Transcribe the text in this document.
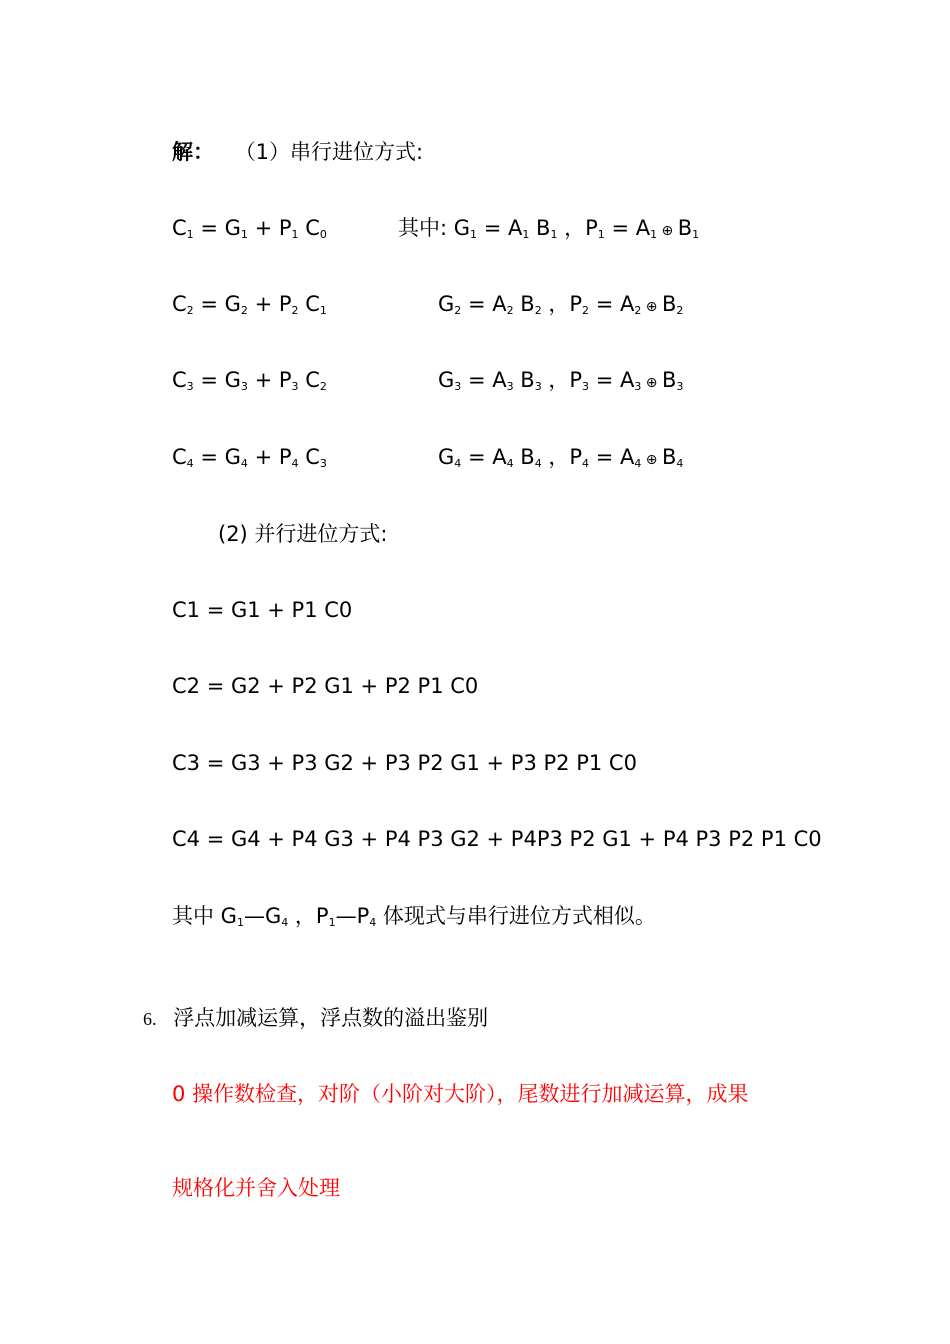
解： （1）串行进位方式:
$C_1 = G_1 + P_1$ $C_0$	其中: $G_1 = A_1$ $B_1$ ，$P_1 = A_1$ ⊕ $B_1$
$C_2 = G_2 + P_2$ $C_1$	$G_2 = A_2$ $B_2$ ，$P_2 = A_2$ ⊕ $B_2$
$C_3 = G_3 + P_3$ $C_2$	$G_3 = A_3$ $B_3$ ，$P_3 = A_3$ ⊕ $B_3$
$C_4 = G_4 + P_4$ $C_3$	$G_4 = A_4$ $B_4$ ，$P_4 = A_4$ ⊕ $B_4$
(2) 并行进位方式:
C1 = G1 + P1 C0
C2 = G2 + P2 G1 + P2 P1 C0
C3 = G3 + P3 G2 + P3 P2 G1 + P3 P2 P1 C0
C4 = G4 + P4 G3 + P4 P3 G2 + P4P3 P2 G1 + P4 P3 P2 P1 C0
其中 $G_1—G_4$ ，$P_1—P_4$ 体现式与串行进位方式相似。
6. 浮点加减运算，浮点数的溢出鉴别
0 操作数检查，对阶（小阶对大阶），尾数进行加减运算，成果
规格化并舍入处理
